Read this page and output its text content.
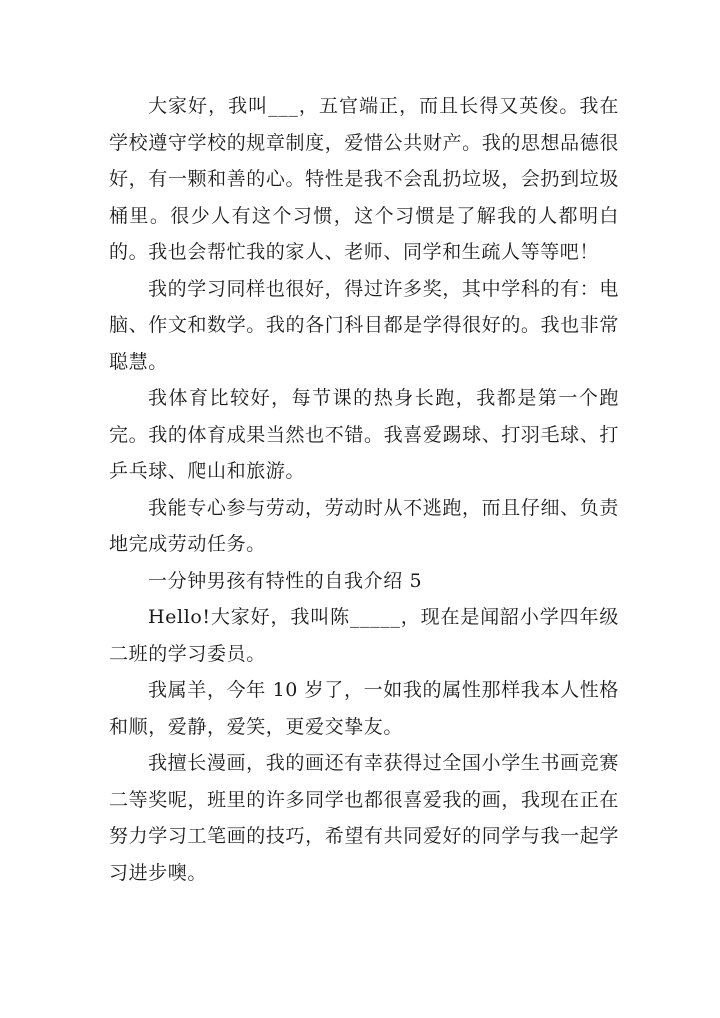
大家好，我叫___，五官端正，而且长得又英俊。我在学校遵守学校的规章制度，爱惜公共财产。我的思想品德很好，有一颗和善的心。特性是我不会乱扔垃圾，会扔到垃圾桶里。很少人有这个习惯，这个习惯是了解我的人都明白的。我也会帮忙我的家人、老师、同学和生疏人等等吧！

我的学习同样也很好，得过许多奖，其中学科的有：电脑、作文和数学。我的各门科目都是学得很好的。我也非常聪慧。

我体育比较好，每节课的热身长跑，我都是第一个跑完。我的体育成果当然也不错。我喜爱踢球、打羽毛球、打乒乓球、爬山和旅游。

我能专心参与劳动，劳动时从不逃跑，而且仔细、负责地完成劳动任务。

一分钟男孩有特性的自我介绍 5

Hello!大家好，我叫陈_____，现在是闻韶小学四年级二班的学习委员。

我属羊，今年 10 岁了，一如我的属性那样我本人性格和顺，爱静，爱笑，更爱交挚友。

我擅长漫画，我的画还有幸获得过全国小学生书画竞赛二等奖呢，班里的许多同学也都很喜爱我的画，我现在正在努力学习工笔画的技巧，希望有共同爱好的同学与我一起学习进步噢。
